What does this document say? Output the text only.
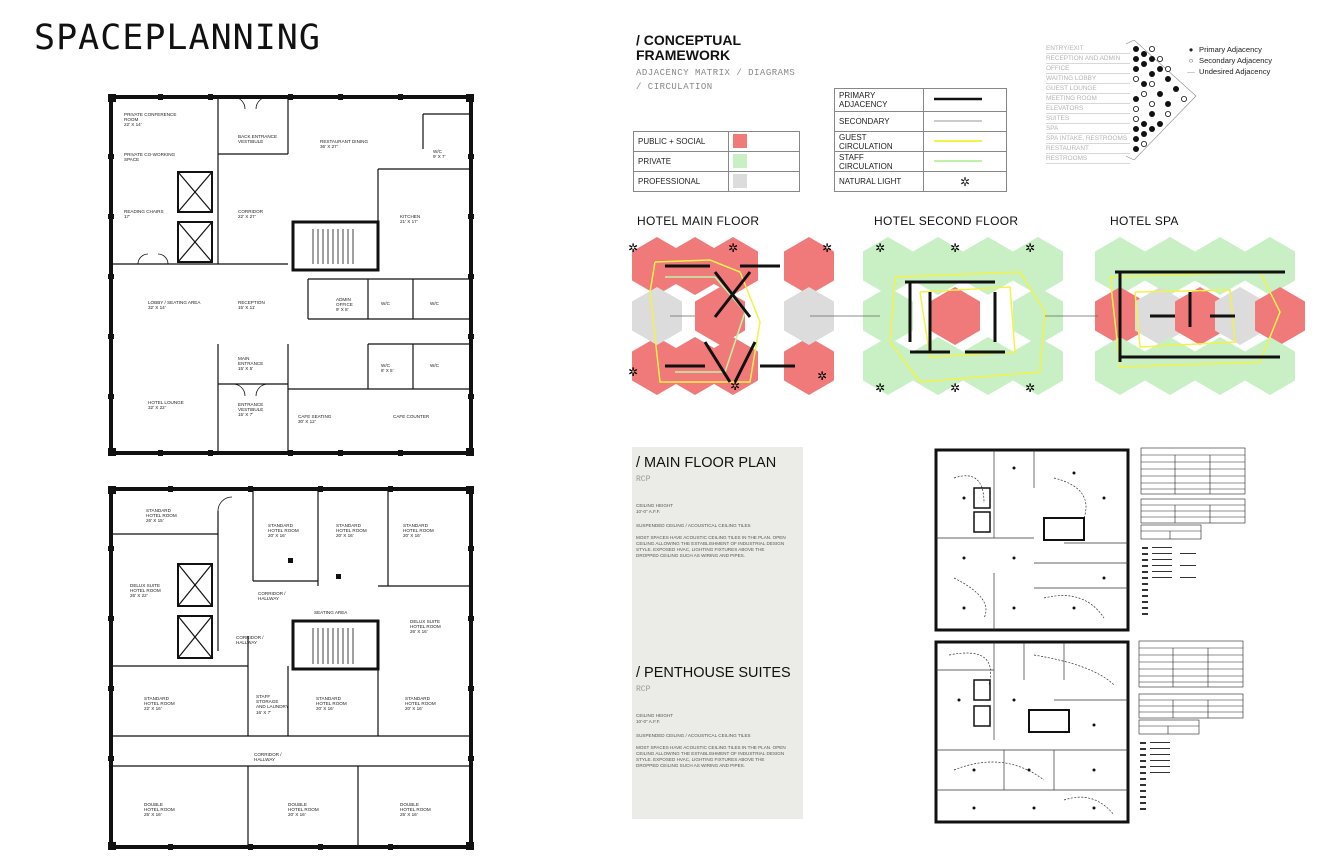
SPACEPLANNING
PRIVATE CONFERENCE
ROOM
22' X 14'
PRIVATE CO-WORKING
SPACE
READING CHAIRS
17'
BACK ENTRANCE
VESTIBULE	RESTAURANT DINING
36' X 27'
W/C
9' X 7'
CORRIDOR
22' X 27'	KITCHEN
21' X 17'
LOBBY / SEATING AREA
32' X 14'
RECEPTION
15' X 11'
ADMIN
OFFICE
9' X 8'
W/C	W/C
MAIN
ENTRANCE
15' X 5'
W/C
8' X 5'
W/C
HOTEL LOUNGE
32' X 22'
ENTRANCE
VESTIBULE
15' X 7'	CAFE SEATING
30' X 12'
CAFE COUNTER
STANDARD
HOTEL ROOM
26' X 15'
STANDARD
HOTEL ROOM
20' X 16'
STANDARD
HOTEL ROOM
20' X 16'
STANDARD
HOTEL ROOM
20' X 16'
DELUX SUITE
HOTEL ROOM
26' X 22'	CORRIDOR /
HALLWAY
SEATING AREA
CORRIDOR /
HALLWAY
DELUX SUITE
HOTEL ROOM
26' X 16'
STANDARD
HOTEL ROOM
22' X 16'
STAFF
STORAGE
AND LAUNDRY
16' X 7'
STANDARD
HOTEL ROOM
20' X 16'
STANDARD
HOTEL ROOM
20' X 16'
CORRIDOR /
HALLWAY
DOUBLE
HOTEL ROOM
25' X 16'
DOUBLE
HOTEL ROOM
20' X 16'
DOUBLE
HOTEL ROOM
25' X 16'
/ CONCEPTUAL
FRAMEWORK
ADJACENCY MATRIX / DIAGRAMS
/ CIRCULATION
PUBLIC + SOCIAL	
PRIVATE	
PROFESSIONAL	
PRIMARY ADJACENCY	
SECONDARY	
GUEST CIRCULATION	
STAFF CIRCULATION	
NATURAL LIGHT	✲
ENTRY/EXIT
RECEPTION AND ADMIN
OFFICE
WAITING LOBBY
GUEST LOUNGE
MEETING ROOM
ELEVATORS
SUITES
SPA
SPA INTAKE, RESTROOMS
RESTAURANT
RESTROOMS
● Primary Adjacency
○ Secondary Adjacency
— Undesired Adjacency
HOTEL MAIN FLOOR	HOTEL SECOND FLOOR	HOTEL SPA
✲	✲	✲
✲
✲
✲
✲	✲	✲
✲	✲	✲
/ MAIN FLOOR PLAN
RCP
CEILING HEIGHT
10'-0" A.F.F.
SUSPENDED CEILING / ACOUSTICAL CEILING TILES
MOST SPACES HAVE ACOUSTIC CEILING TILES IN THE PLAN. OPEN CEILING ALLOWING THE ESTABLISHMENT OF INDUSTRIAL DESIGN STYLE. EXPOSED HVAC, LIGHTING FIXTURES ABOVE THE DROPPED CEILING SUCH AS WIRING AND PIPES.
/ PENTHOUSE SUITES
RCP
CEILING HEIGHT
10'-0" A.F.F.
SUSPENDED CEILING / ACOUSTICAL CEILING TILES
MOST SPACES HAVE ACOUSTIC CEILING TILES IN THE PLAN. OPEN CEILING ALLOWING THE ESTABLISHMENT OF INDUSTRIAL DESIGN STYLE. EXPOSED HVAC, LIGHTING FIXTURES ABOVE THE DROPPED CEILING SUCH AS WIRING AND PIPES.
